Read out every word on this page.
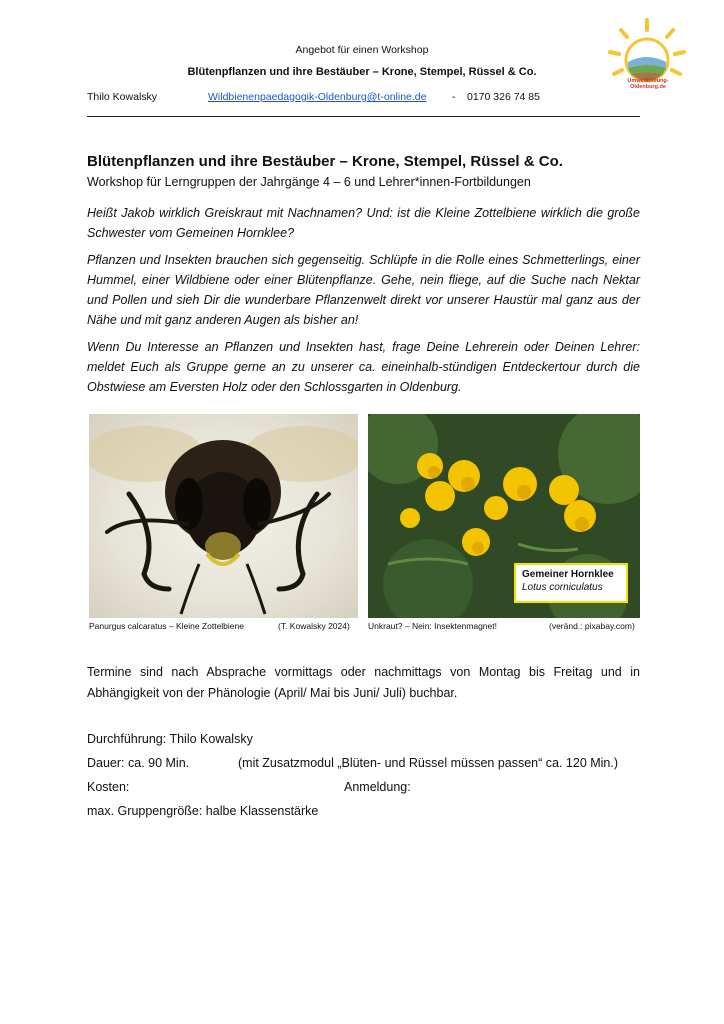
Angebot für einen Workshop
Blütenpflanzen und ihre Bestäuber – Krone, Stempel, Rüssel & Co.
Thilo Kowalsky	Wildbienenpaedagogik-Oldenburg@t-online.de - 0170 326 74 85
Umweltbildung-
Oldenburg.de
Blütenpflanzen und ihre Bestäuber – Krone, Stempel, Rüssel & Co.
Workshop für Lerngruppen der Jahrgänge 4 – 6 und Lehrer*innen-Fortbildungen
Heißt Jakob wirklich Greiskraut mit Nachnamen? Und: ist die Kleine Zottelbiene wirklich die große Schwester vom Gemeinen Hornklee?
Pflanzen und Insekten brauchen sich gegenseitig. Schlüpfe in die Rolle eines Schmetterlings, einer Hummel, einer Wildbiene oder einer Blütenpflanze. Gehe, nein fliege, auf die Suche nach Nektar und Pollen und sieh Dir die wunderbare Pflanzenwelt direkt vor unserer Haustür mal ganz aus der Nähe und mit ganz anderen Augen als bisher an!
Wenn Du Interesse an Pflanzen und Insekten hast, frage Deine Lehrerein oder Deinen Lehrer: meldet Euch als Gruppe gerne an zu unserer ca. eineinhalb-stündigen Entdeckertour durch die Obstwiese am Eversten Holz oder den Schlossgarten in Oldenburg.
Gemeiner Hornklee
Lotus corniculatus
Panurgus calcaratus – Kleine Zottelbiene	(T. Kowalsky 2024) Unkraut? – Nein: Insektenmagnet!	(veränd.: pixabay.com)
Termine sind nach Absprache vormittags oder nachmittags von Montag bis Freitag und in Abhängigkeit von der Phänologie (April/ Mai bis Juni/ Juli) buchbar.
Durchführung: Thilo Kowalsky
Dauer: ca. 90 Min.	(mit Zusatzmodul „Blüten- und Rüssel müssen passen“ ca. 120 Min.)
Kosten:	Anmeldung:
max. Gruppengröße: halbe Klassenstärke
